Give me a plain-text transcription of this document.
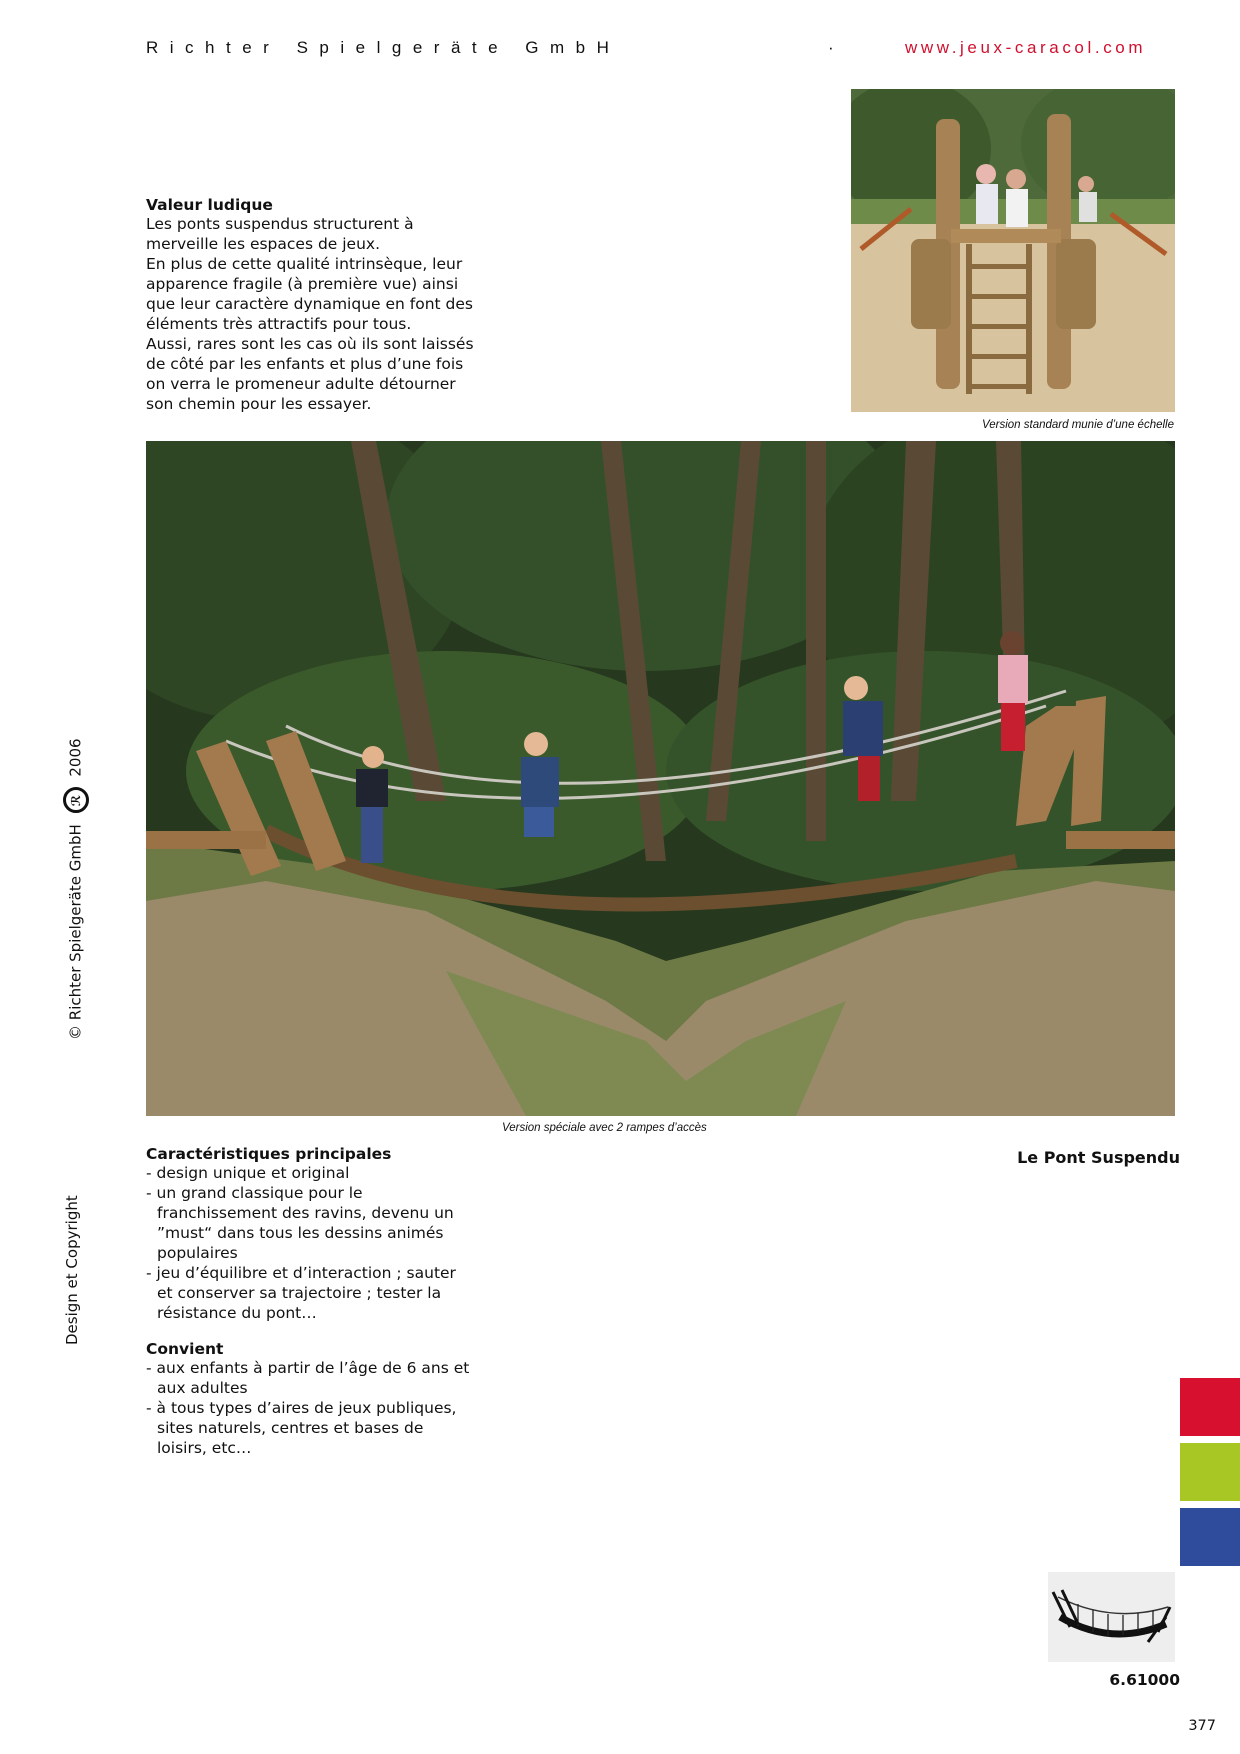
Richter Spielgeräte GmbH	·	www.jeux-caracol.com
Version standard munie d’une échelle
Valeur ludique

Les ponts suspendus structurent à merveille les espaces de jeux.

En plus de cette qualité intrinsèque, leur apparence fragile (à première vue) ainsi que leur caractère dynamique en font des éléments très attractifs pour tous.

Aussi, rares sont les cas où ils sont laissés de côté par les enfants et plus d’une fois on verra le promeneur adulte détourner son chemin pour les essayer.

Version spéciale avec 2 rampes d’accès
Le Pont Suspendu
Caractéristiques principales
- design unique et original
- un grand classique pour le franchissement des ravins, devenu un ”must“ dans tous les dessins animés populaires
- jeu d’équilibre et d’interaction ; sauter et conserver sa trajectoire ; tester la résistance du pont…
Convient
- aux enfants à partir de l’âge de 6 ans et aux adultes
- à tous types d’aires de jeux publiques, sites naturels, centres et bases de loisirs, etc…
© Richter Spielgeräte GmbH ℛ 2006
Design et Copyright
6.61000
377
